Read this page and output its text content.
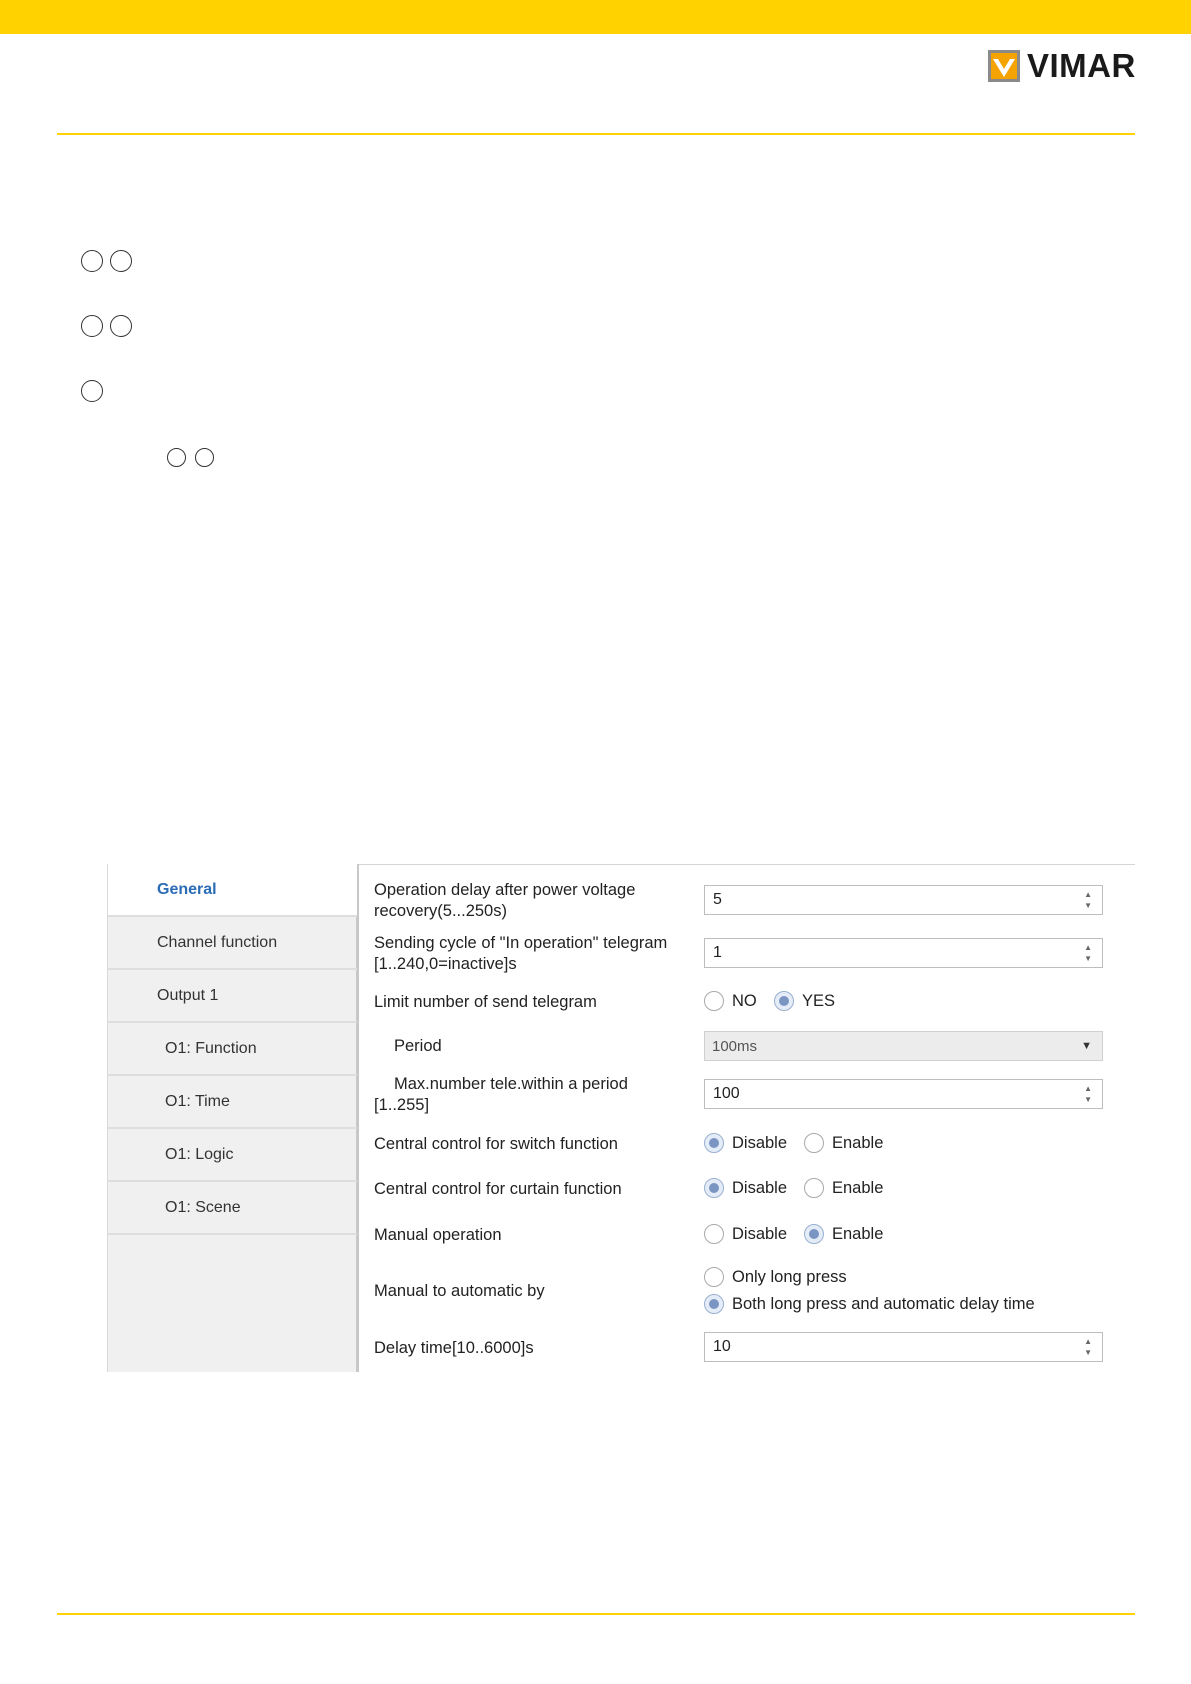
VIMAR
General
Channel function
Output 1
O1: Function
O1: Time
O1: Logic
O1: Scene
Operation delay after power voltage
recovery(5...250s)
5	▲
▼
Sending cycle of "In operation" telegram
[1..240,0=inactive]s
1	▲
▼
Limit number of send telegram	NO	YES
Period	100ms	▼
Max.number tele.within a period
[1..255]
100	▲
▼
Central control for switch function	Disable	Enable
Central control for curtain function	Disable	Enable
Manual operation	Disable	Enable
Manual to automatic by
Only long press
Both long press and automatic delay time
Delay time[10..6000]s	10	▲
▼
